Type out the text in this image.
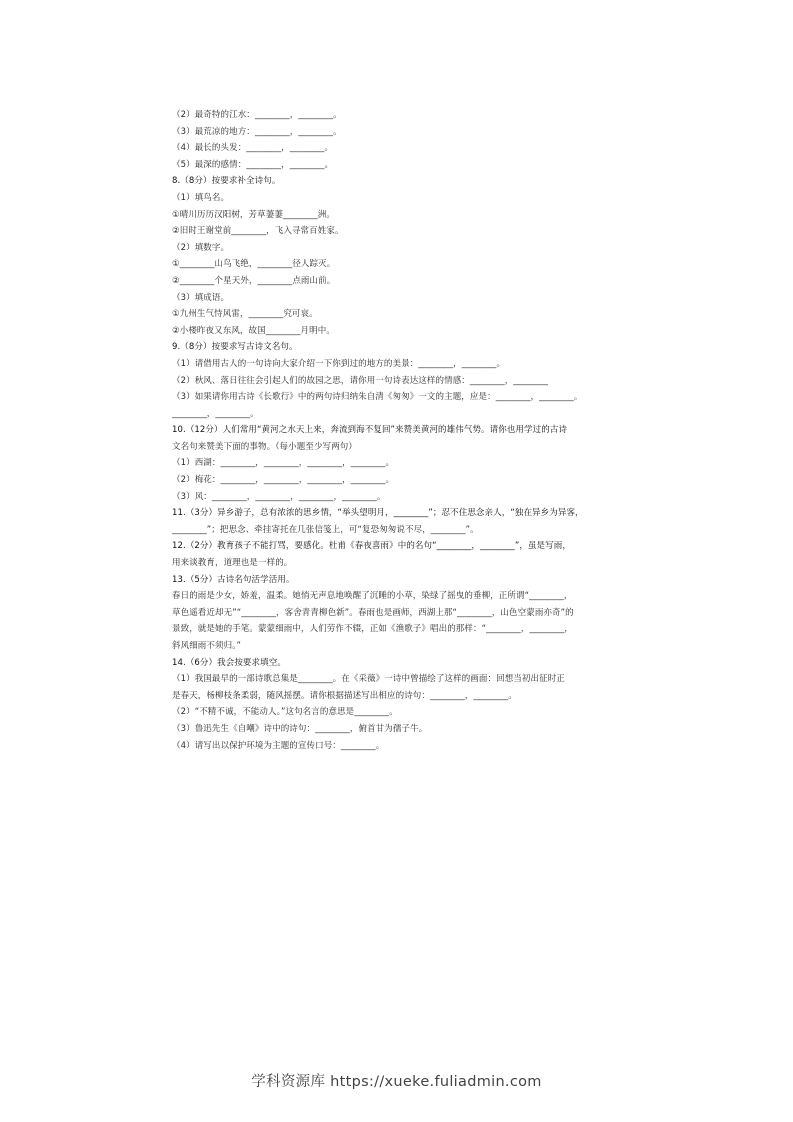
（2）最奇特的江水：________，________。
（3）最荒凉的地方：________，________。
（4）最长的头发：________，________。
（5）最深的感情：________，________。
8.（8分）按要求补全诗句。
（1）填鸟名。
①晴川历历汉阳树，芳草萋萋________洲。
②旧时王谢堂前________，飞入寻常百姓家。
（2）填数字。
①________山鸟飞绝，________径人踪灭。
②________个星天外，________点雨山前。
（3）填成语。
①九州生气恃风雷，________究可哀。
②小楼昨夜又东风，故国________月明中。
9.（8分）按要求写古诗文名句。
（1）请借用古人的一句诗向大家介绍一下你到过的地方的美景：________，________。
（2）秋风、落日往往会引起人们的故园之思，请你用一句诗表达这样的情感：________，________
（3）如果请你用古诗《长歌行》中的两句诗归纳朱自清《匆匆》一文的主题，应是：________，________。
________，________。
10.（12分）人们常用“黄河之水天上来，奔流到海不复回”来赞美黄河的雄伟气势。请你也用学过的古诗
文名句来赞美下面的事物。（每小题至少写两句）
（1）西湖：________，________，________，________。
（2）梅花：________，________，________，________。
（3）风：________，________，________，________。
11.（3分）异乡游子，总有浓浓的思乡情，“举头望明月，________”；忍不住思念亲人，“独在异乡为异客，
________”；把思念、牵挂寄托在几张信笺上，可“复恐匆匆说不尽，________”。
12.（2分）教育孩子不能打骂，要感化。杜甫《春夜喜雨》中的名句“________，________”，虽是写雨，
用来谈教育，道理也是一样的。
13.（5分）古诗名句活学活用。
春日的雨是少女，娇羞，温柔。她悄无声息地唤醒了沉睡的小草，染绿了摇曳的垂柳，正所谓“________，
草色遥看近却无”“________，客舍青青柳色新”。春雨也是画师，西湖上那“________，山色空蒙雨亦奇”的
景致，就是她的手笔。蒙蒙细雨中，人们劳作不辍，正如《渔歌子》唱出的那样：“________，________，
斜风细雨不须归。”
14.（6分）我会按要求填空。
（1）我国最早的一部诗歌总集是________。在《采薇》一诗中曾描绘了这样的画面：回想当初出征时正
是春天，杨柳枝条柔弱，随风摇摆。请你根据描述写出相应的诗句：________，________。
（2）“不精不诚，不能动人。”这句名言的意思是________。
（3）鲁迅先生《自嘲》诗中的诗句：________，俯首甘为孺子牛。
（4）请写出以保护环境为主题的宣传口号：________。
学科资源库 https://xueke.fuliadmin.com
